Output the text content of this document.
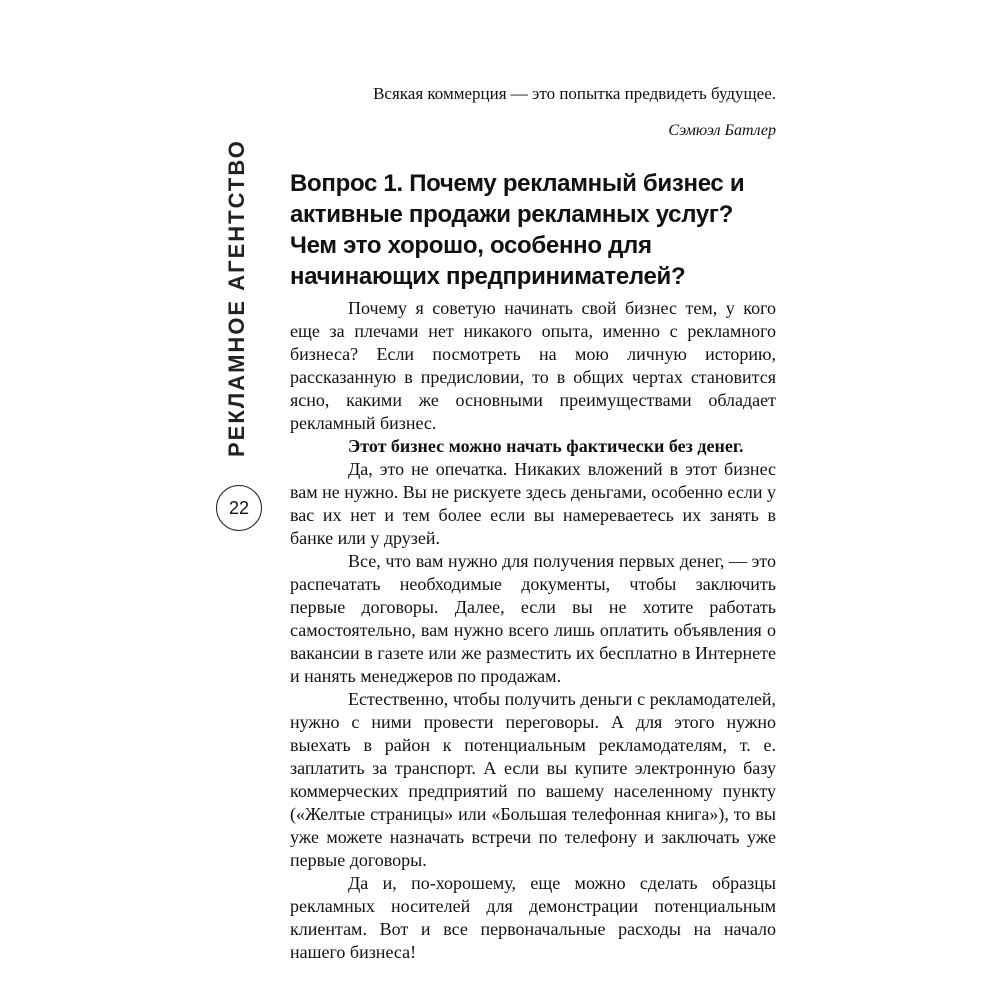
Всякая коммерция — это попытка предвидеть будущее.
Сэмюэл Батлер
РЕКЛАМНОЕ АГЕНТСТВО
22
Вопрос 1. Почему рекламный бизнес и активные продажи рекламных услуг? Чем это хорошо, особенно для начинающих предпринимателей?

Почему я советую начинать свой бизнес тем, у кого еще за плечами нет никакого опыта, именно с рекламного бизнеса? Если посмотреть на мою личную историю, рассказанную в предисловии, то в общих чертах становится ясно, какими же основными преимуществами обладает рекламный бизнес.

Этот бизнес можно начать фактически без денег.

Да, это не опечатка. Никаких вложений в этот бизнес вам не нужно. Вы не рискуете здесь деньгами, особенно если у вас их нет и тем более если вы намереваетесь их занять в банке или у друзей.

Все, что вам нужно для получения первых денег, — это распечатать необходимые документы, чтобы заключить первые договоры. Далее, если вы не хотите работать самостоятельно, вам нужно всего лишь оплатить объявления о вакансии в газете или же разместить их бесплатно в Интернете и нанять менеджеров по продажам.

Естественно, чтобы получить деньги с рекламодателей, нужно с ними провести переговоры. А для этого нужно выехать в район к потенциальным рекламодателям, т. е. заплатить за транспорт. А если вы купите электронную базу коммерческих предприятий по вашему населенному пункту («Желтые страницы» или «Большая телефонная книга»), то вы уже можете назначать встречи по телефону и заключать уже первые договоры.

Да и, по-хорошему, еще можно сделать образцы рекламных носителей для демонстрации потенциальным клиентам. Вот и все первоначальные расходы на начало нашего бизнеса!
